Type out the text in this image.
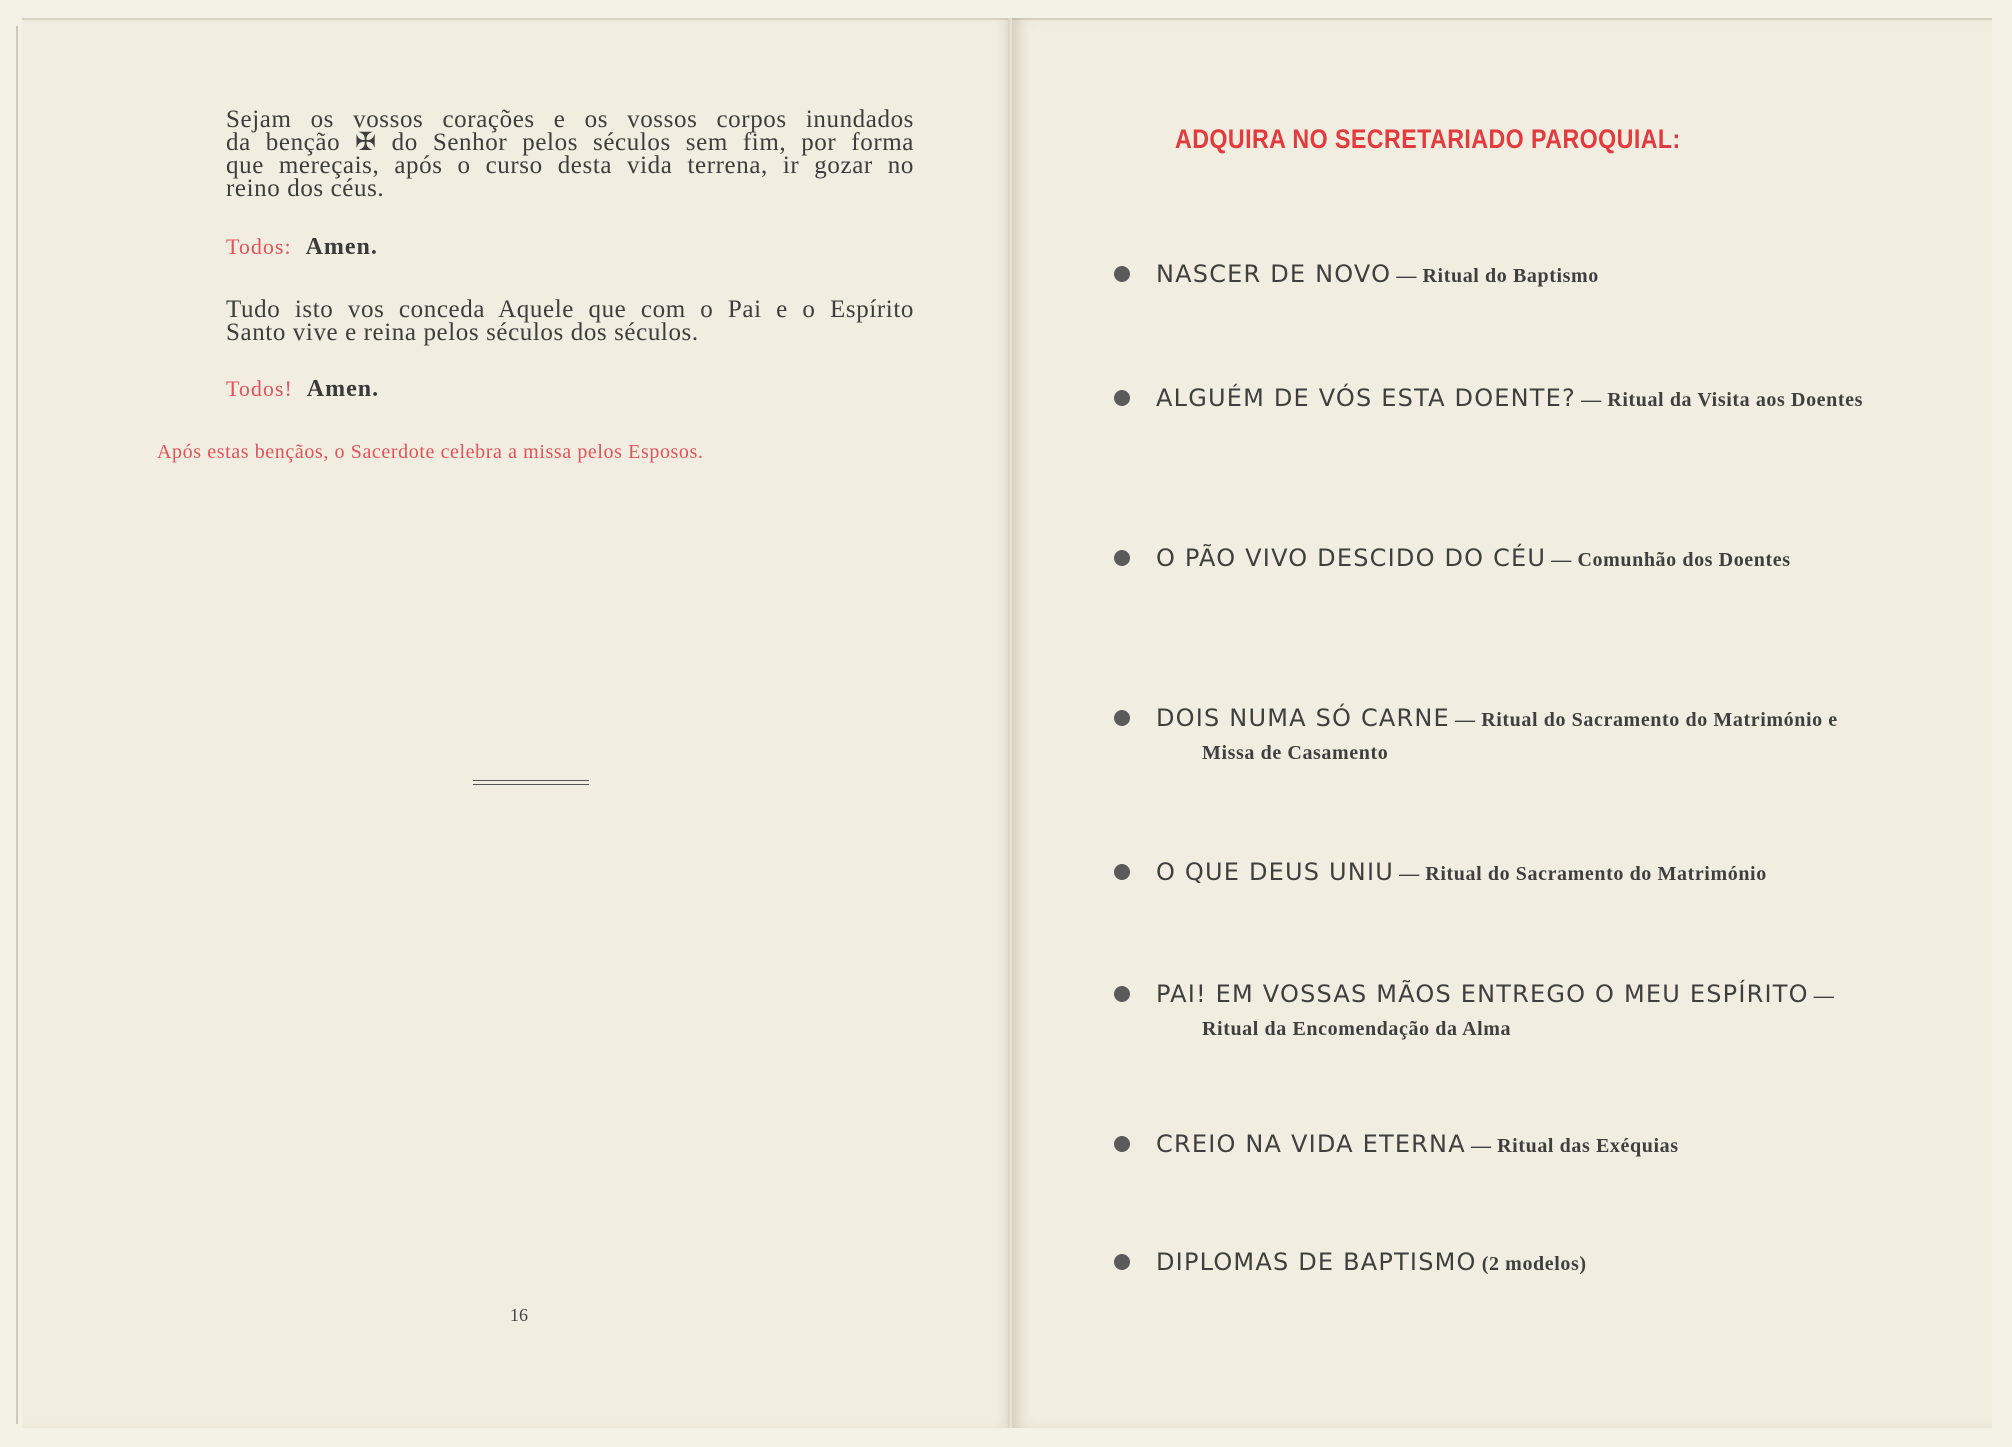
Sejam os vossos corações e os vossos corpos inundados
da benção ✠ do Senhor pelos séculos sem fim, por forma
que mereçais, após o curso desta vida terrena, ir gozar no
reino dos céus.
Todos: Amen.
Tudo isto vos conceda Aquele que com o Pai e o Espírito
Santo vive e reina pelos séculos dos séculos.
Todos! Amen.
Após estas bençãos, o Sacerdote celebra a missa pelos Esposos.
16
ADQUIRA NO SECRETARIADO PAROQUIAL:
NASCER DE NOVO — Ritual do Baptismo
ALGUÉM DE VÓS ESTA DOENTE? — Ritual da Visita aos Doentes
O PÃO VIVO DESCIDO DO CÉU — Comunhão dos Doentes
DOIS NUMA SÓ CARNE — Ritual do Sacramento do Matrimónio e Missa de Casamento
O QUE DEUS UNIU — Ritual do Sacramento do Matrimónio
PAI! EM VOSSAS MÃOS ENTREGO O MEU ESPÍRITO — Ritual da Encomendação da Alma
CREIO NA VIDA ETERNA — Ritual das Exéquias
DIPLOMAS DE BAPTISMO (2 modelos)
